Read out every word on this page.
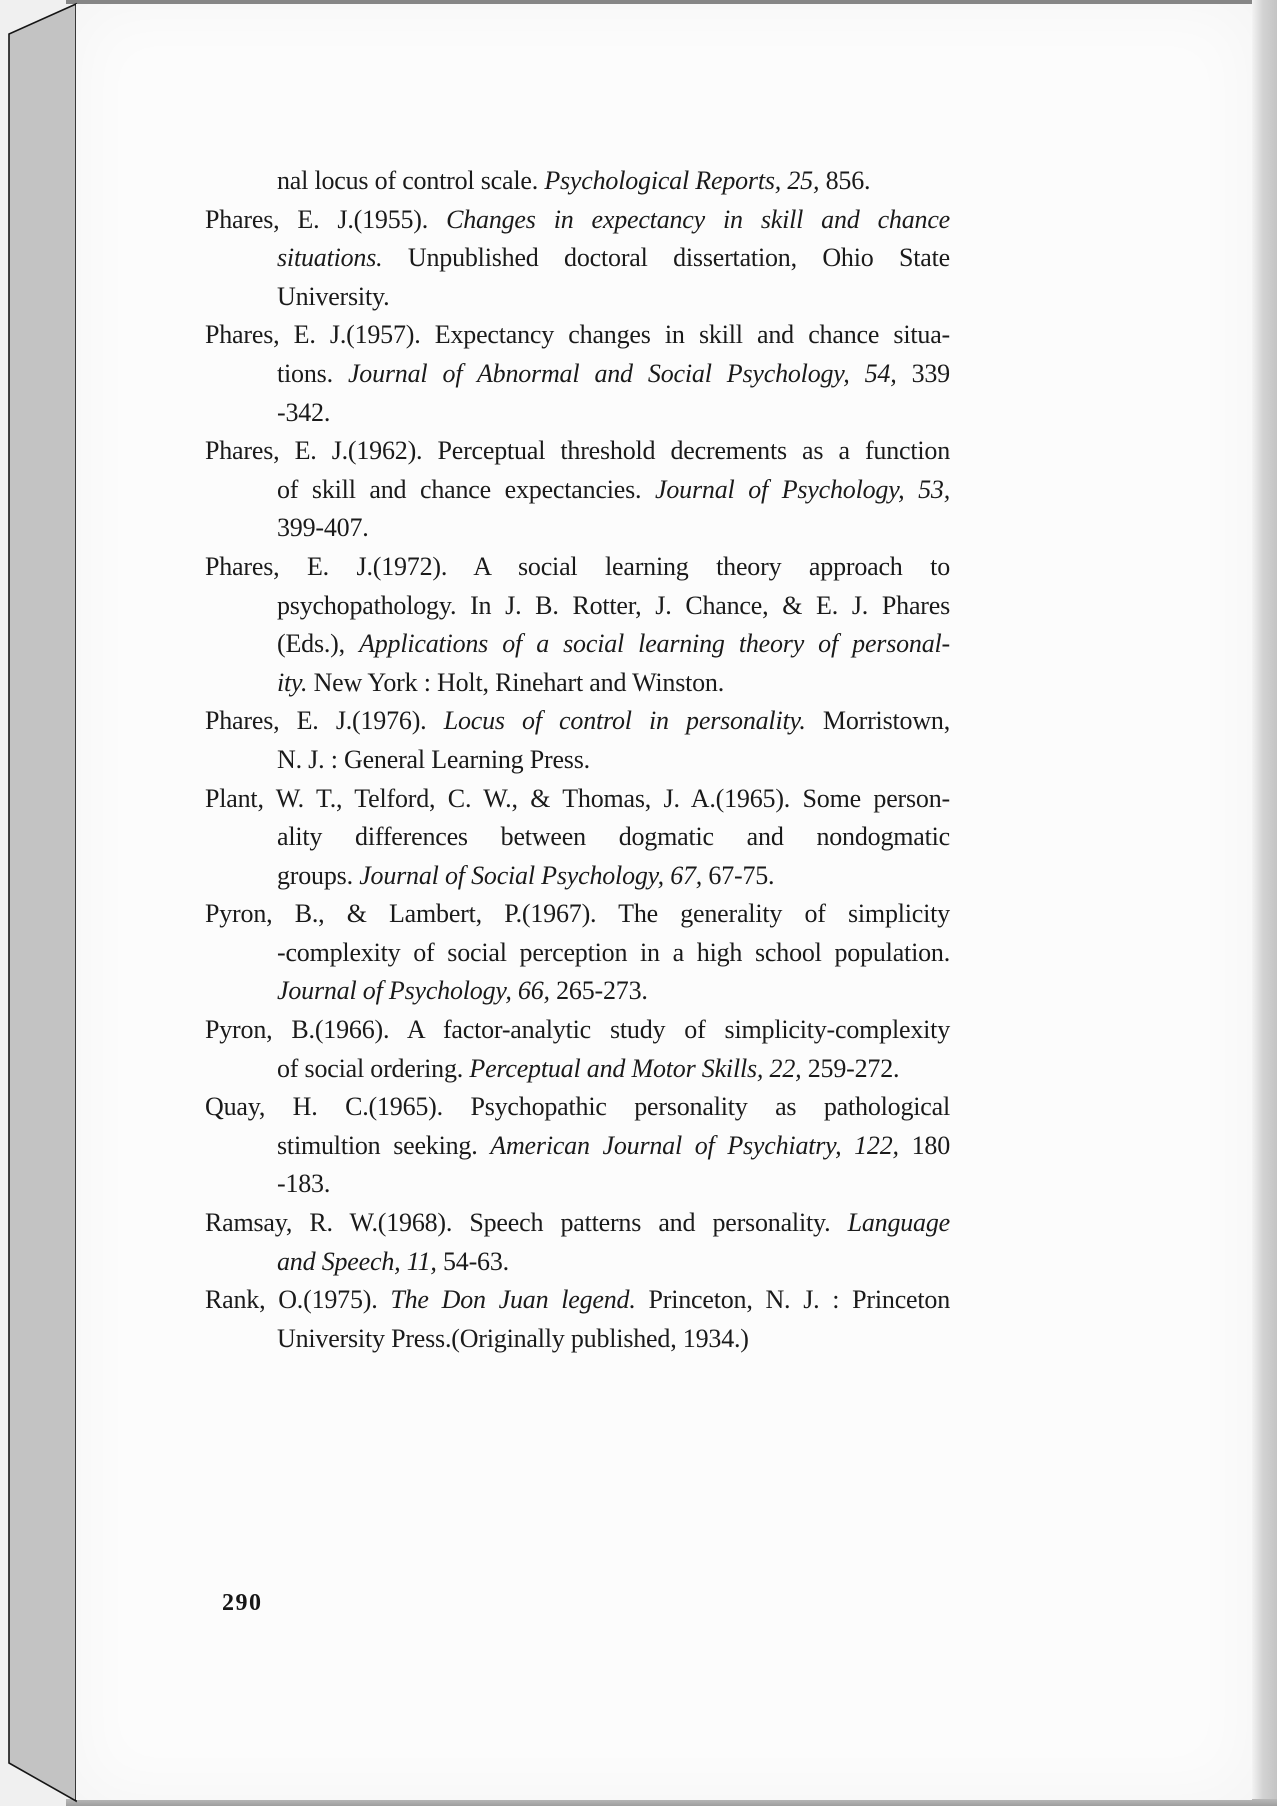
nal locus of control scale. Psychological Reports, 25, 856.
Phares, E. J.(1955). Changes in expectancy in skill and chance
situations. Unpublished doctoral dissertation, Ohio State
University.
Phares, E. J.(1957). Expectancy changes in skill and chance situa-
tions. Journal of Abnormal and Social Psychology, 54, 339
-342.
Phares, E. J.(1962). Perceptual threshold decrements as a function
of skill and chance expectancies. Journal of Psychology, 53,
399-407.
Phares, E. J.(1972). A social learning theory approach to
psychopathology. In J. B. Rotter, J. Chance, & E. J. Phares
(Eds.), Applications of a social learning theory of personal-
ity. New York : Holt, Rinehart and Winston.
Phares, E. J.(1976). Locus of control in personality. Morristown,
N. J. : General Learning Press.
Plant, W. T., Telford, C. W., & Thomas, J. A.(1965). Some person-
ality differences between dogmatic and nondogmatic
groups. Journal of Social Psychology, 67, 67-75.
Pyron, B., & Lambert, P.(1967). The generality of simplicity
-complexity of social perception in a high school population.
Journal of Psychology, 66, 265-273.
Pyron, B.(1966). A factor-analytic study of simplicity-complexity
of social ordering. Perceptual and Motor Skills, 22, 259-272.
Quay, H. C.(1965). Psychopathic personality as pathological
stimultion seeking. American Journal of Psychiatry, 122, 180
-183.
Ramsay, R. W.(1968). Speech patterns and personality. Language
and Speech, 11, 54-63.
Rank, O.(1975). The Don Juan legend. Princeton, N. J. : Princeton
University Press.(Originally published, 1934.)
290
